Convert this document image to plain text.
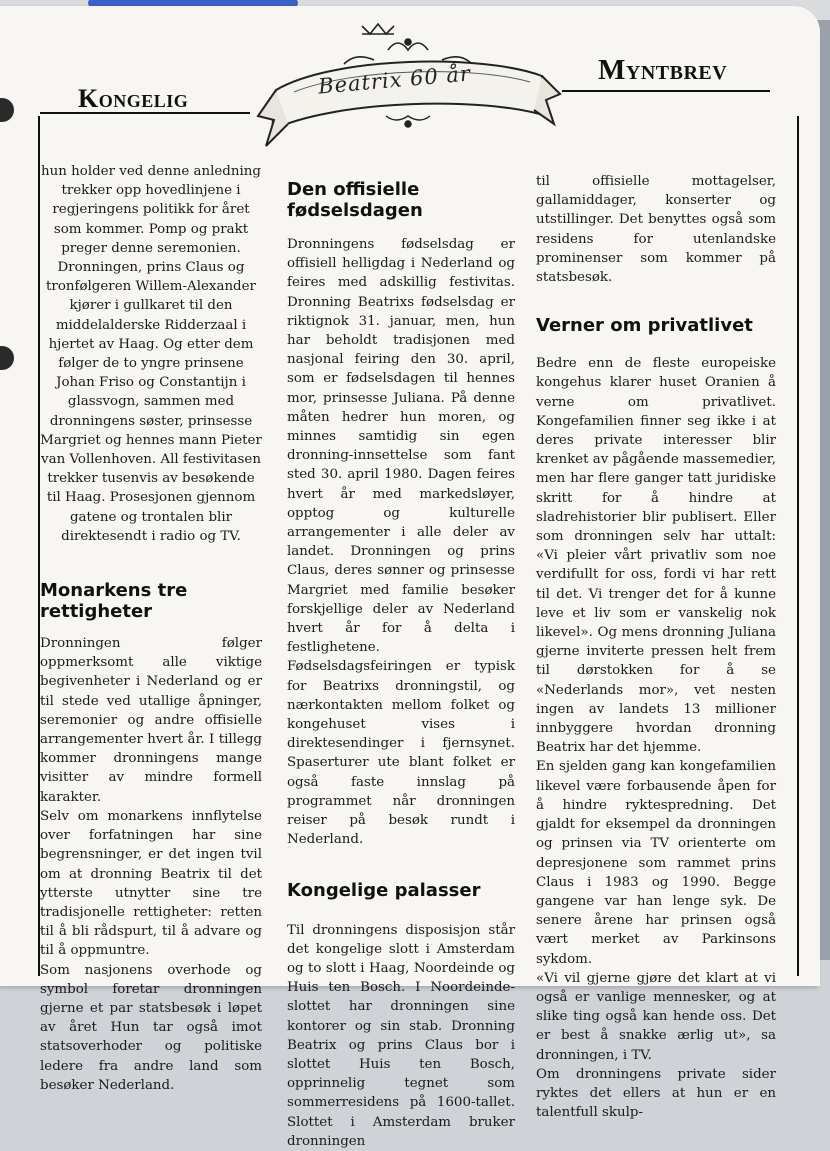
Kongelig
Myntbrev

Beatrix 60 år

hun holder ved denne anledning trekker opp hovedlinjene i regjeringens politikk for året som kommer. Pomp og prakt preger denne seremonien. Dronningen, prins Claus og tronfølgeren Willem-Alexander kjører i gullkaret til den middelalderske Ridderzaal i hjertet av Haag. Og etter dem følger de to yngre prinsene Johan Friso og Constantijn i glassvogn, sammen med dronningens søster, prinsesse Margriet og hennes mann Pieter van Vollenhoven. All festivitasen trekker tusenvis av besøkende til Haag. Prosesjonen gjennom gatene og trontalen blir direktesendt i radio og TV.

Monarkens tre rettigheter

Dronningen følger oppmerksomt alle viktige begivenheter i Nederland og er til stede ved utallige åpninger, seremonier og andre offisielle arrangementer hvert år. I tillegg kommer dronningens mange visitter av mindre formell karakter.

Selv om monarkens innflytelse over forfatningen har sine begrensninger, er det ingen tvil om at dronning Beatrix til det ytterste utnytter sine tre tradisjonelle rettigheter: retten til å bli rådspurt, til å advare og til å oppmuntre.

Som nasjonens overhode og symbol foretar dronningen gjerne et par statsbesøk i løpet av året Hun tar også imot statsoverhoder og politiske ledere fra andre land som besøker Nederland.

Den offisielle fødselsdagen

Dronningens fødselsdag er offisiell helligdag i Nederland og feires med adskillig festivitas. Dronning Beatrixs fødselsdag er riktignok 31. januar, men, hun har beholdt tradisjonen med nasjonal feiring den 30. april, som er fødselsdagen til hennes mor, prinsesse Juliana. På denne måten hedrer hun moren, og minnes samtidig sin egen dronning-innsettelse som fant sted 30. april 1980. Dagen feires hvert år med markedsløyer, opptog og kulturelle arrangementer i alle deler av landet. Dronningen og prins Claus, deres sønner og prinsesse Margriet med familie besøker forskjellige deler av Nederland hvert år for å delta i festlighetene.

Fødselsdagsfeiringen er typisk for Beatrixs dronningstil, og nærkontakten mellom folket og kongehuset vises i direktesendinger i fjernsynet. Spaserturer ute blant folket er også faste innslag på programmet når dronningen reiser på besøk rundt i Nederland.

Kongelige palasser

Til dronningens disposisjon står det kongelige slott i Amsterdam og to slott i Haag, Noordeinde og Huis ten Bosch. I Noordeinde-slottet har dronningen sine kontorer og sin stab. Dronning Beatrix og prins Claus bor i slottet Huis ten Bosch, opprinnelig tegnet som sommerresidens på 1600-tallet. Slottet i Amsterdam bruker dronningen

til offisielle mottagelser, gallamiddager, konserter og utstillinger. Det benyttes også som residens for utenlandske prominenser som kommer på statsbesøk.

Verner om privatlivet

Bedre enn de fleste europeiske kongehus klarer huset Oranien å verne om privatlivet. Kongefamilien finner seg ikke i at deres private interesser blir krenket av pågående massemedier, men har flere ganger tatt juridiske skritt for å hindre at sladrehistorier blir publisert. Eller som dronningen selv har uttalt: «Vi pleier vårt privatliv som noe verdifullt for oss, fordi vi har rett til det. Vi trenger det for å kunne leve et liv som er vanskelig nok likevel». Og mens dronning Juliana gjerne inviterte pressen helt frem til dørstokken for å se «Nederlands mor», vet nesten ingen av landets 13 millioner innbyggere hvordan dronning Beatrix har det hjemme.

En sjelden gang kan kongefamilien likevel være forbausende åpen for å hindre ryktespredning. Det gjaldt for eksempel da dronningen og prinsen via TV orienterte om depresjonene som rammet prins Claus i 1983 og 1990. Begge gangene var han lenge syk. De senere årene har prinsen også vært merket av Parkinsons sykdom.

«Vi vil gjerne gjøre det klart at vi også er vanlige mennesker, og at slike ting også kan hende oss. Det er best å snakke ærlig ut», sa dronningen, i TV.

Om dronningens private sider ryktes det ellers at hun er en talentfull skulp-
